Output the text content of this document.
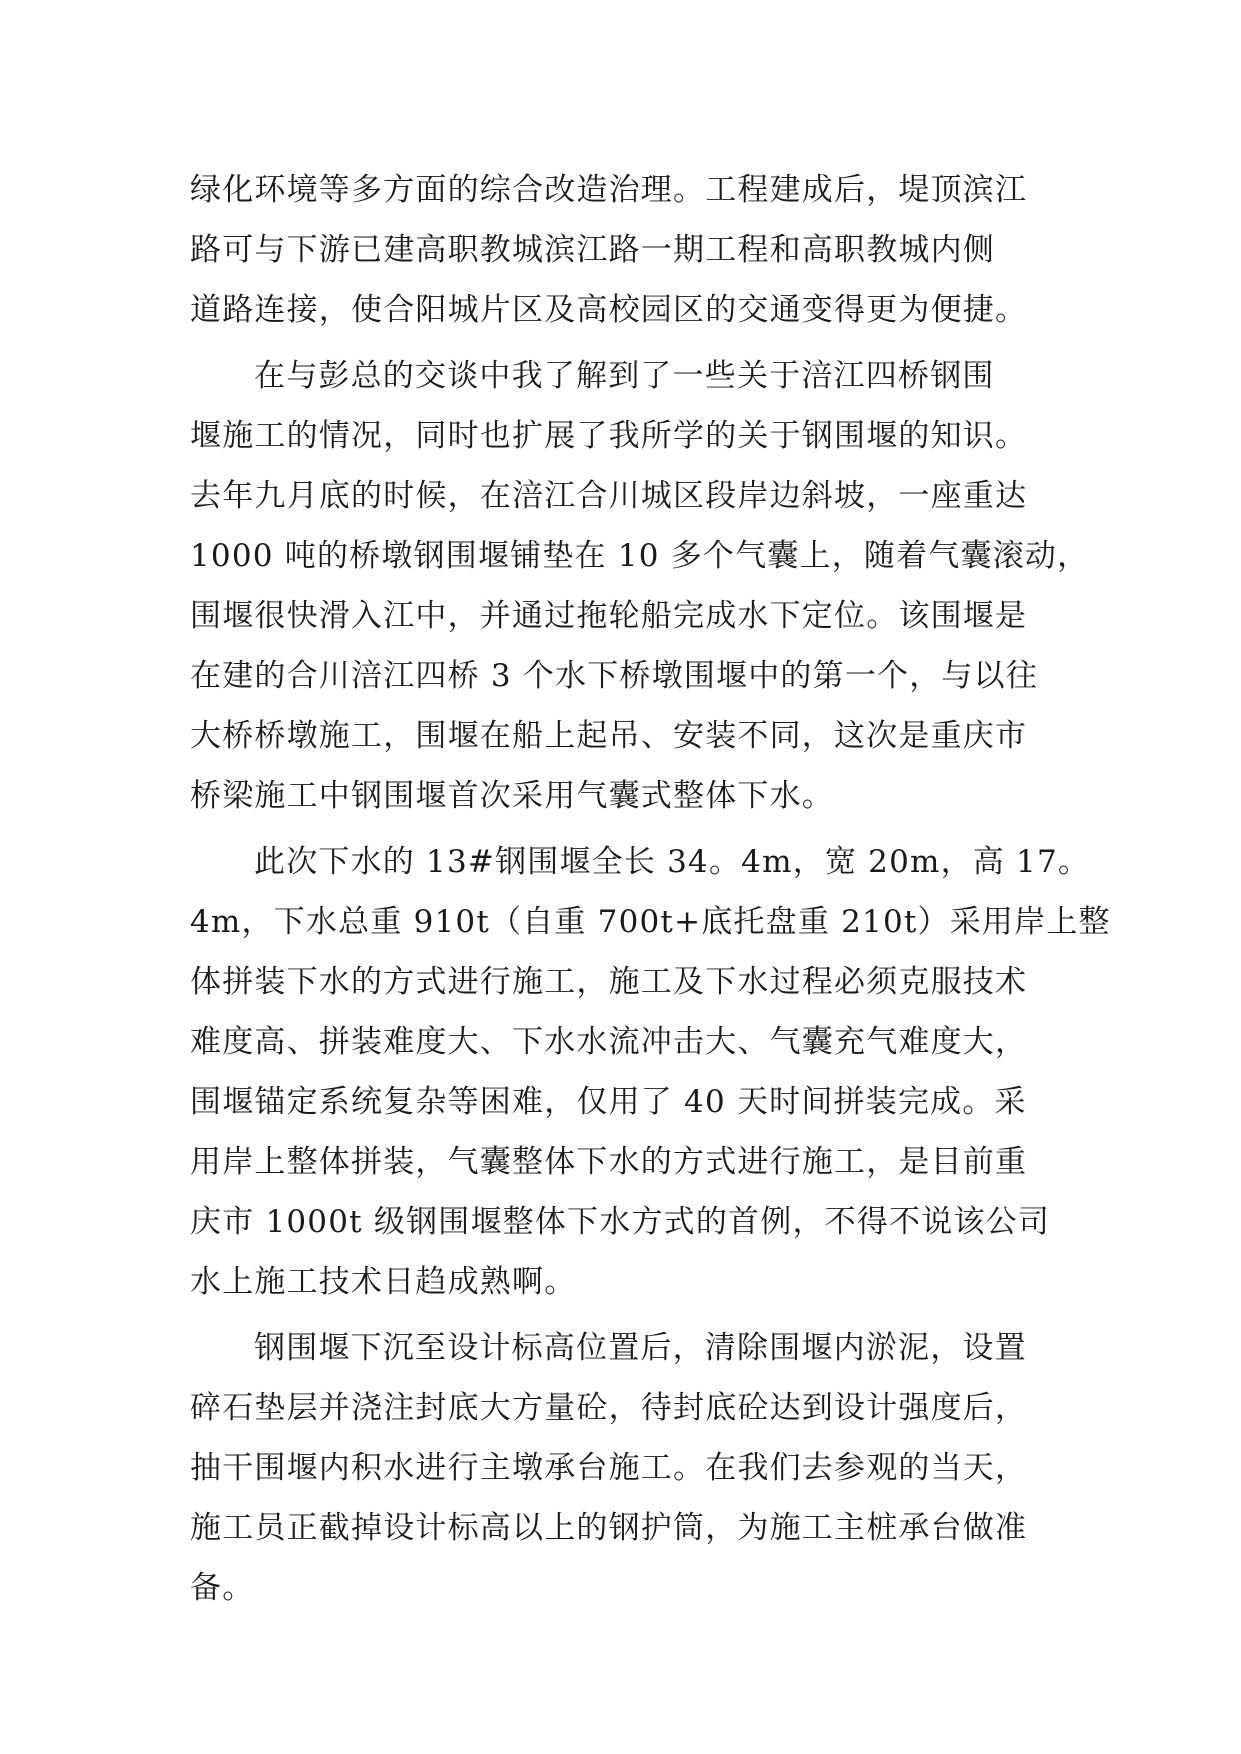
绿化环境等多方面的综合改造治理。工程建成后，堤顶滨江
路可与下游已建高职教城滨江路一期工程和高职教城内侧
道路连接，使合阳城片区及高校园区的交通变得更为便捷。
在与彭总的交谈中我了解到了一些关于涪江四桥钢围
堰施工的情况，同时也扩展了我所学的关于钢围堰的知识。
去年九月底的时候，在涪江合川城区段岸边斜坡，一座重达
1000 吨的桥墩钢围堰铺垫在 10 多个气囊上，随着气囊滚动，
围堰很快滑入江中，并通过拖轮船完成水下定位。该围堰是
在建的合川涪江四桥 3 个水下桥墩围堰中的第一个，与以往
大桥桥墩施工，围堰在船上起吊、安装不同，这次是重庆市
桥梁施工中钢围堰首次采用气囊式整体下水。
此次下水的 13#钢围堰全长 34。4m，宽 20m，高 17。
4m，下水总重 910t（自重 700t+底托盘重 210t）采用岸上整
体拼装下水的方式进行施工，施工及下水过程必须克服技术
难度高、拼装难度大、下水水流冲击大、气囊充气难度大，
围堰锚定系统复杂等困难，仅用了 40 天时间拼装完成。采
用岸上整体拼装，气囊整体下水的方式进行施工，是目前重
庆市 1000t 级钢围堰整体下水方式的首例，不得不说该公司
水上施工技术日趋成熟啊。
钢围堰下沉至设计标高位置后，清除围堰内淤泥，设置
碎石垫层并浇注封底大方量砼，待封底砼达到设计强度后，
抽干围堰内积水进行主墩承台施工。在我们去参观的当天，
施工员正截掉设计标高以上的钢护筒，为施工主桩承台做准
备。
